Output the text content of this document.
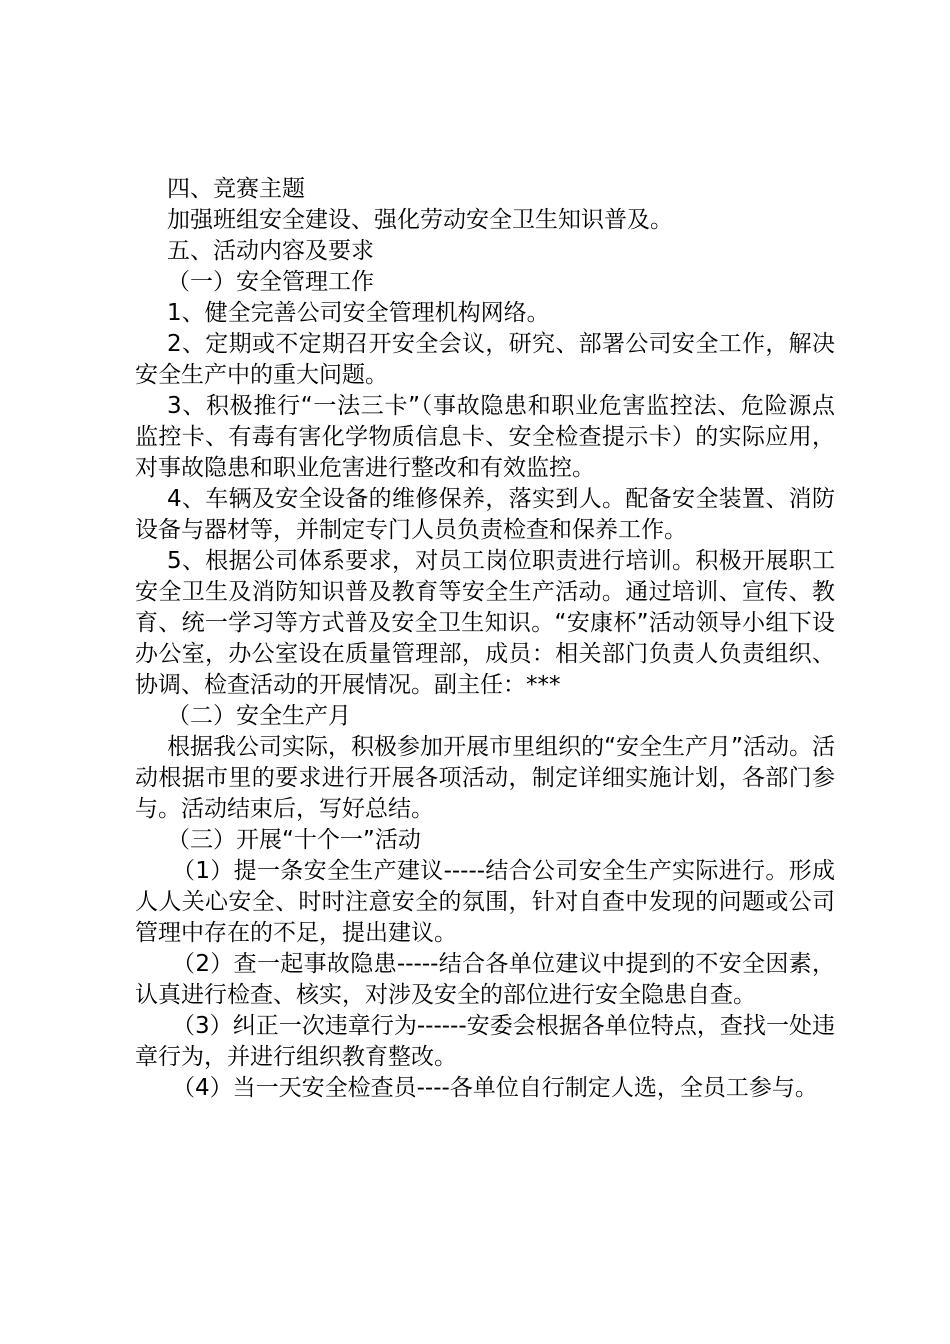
四、竞赛主题

加强班组安全建设、强化劳动安全卫生知识普及。

五、活动内容及要求

（一）安全管理工作

1、健全完善公司安全管理机构网络。

2、定期或不定期召开安全会议，研究、部署公司安全工作，解决安全生产中的重大问题。

3、积极推行“一法三卡”（事故隐患和职业危害监控法、危险源点监控卡、有毒有害化学物质信息卡、安全检查提示卡）的实际应用，对事故隐患和职业危害进行整改和有效监控。

4、车辆及安全设备的维修保养，落实到人。配备安全装置、消防设备与器材等，并制定专门人员负责检查和保养工作。

5、根据公司体系要求，对员工岗位职责进行培训。积极开展职工安全卫生及消防知识普及教育等安全生产活动。通过培训、宣传、教育、统一学习等方式普及安全卫生知识。“安康杯”活动领导小组下设办公室，办公室设在质量管理部，成员：相关部门负责人负责组织、协调、检查活动的开展情况。副主任：***

（二）安全生产月

根据我公司实际，积极参加开展市里组织的“安全生产月”活动。活动根据市里的要求进行开展各项活动，制定详细实施计划，各部门参与。活动结束后，写好总结。

（三）开展“十个一”活动

（1）提一条安全生产建议-----结合公司安全生产实际进行。形成人人关心安全、时时注意安全的氛围，针对自查中发现的问题或公司管理中存在的不足，提出建议。

（2）查一起事故隐患-----结合各单位建议中提到的不安全因素，认真进行检查、核实，对涉及安全的部位进行安全隐患自查。

（3）纠正一次违章行为------安委会根据各单位特点，查找一处违章行为，并进行组织教育整改。

（4）当一天安全检查员----各单位自行制定人选，全员工参与。
